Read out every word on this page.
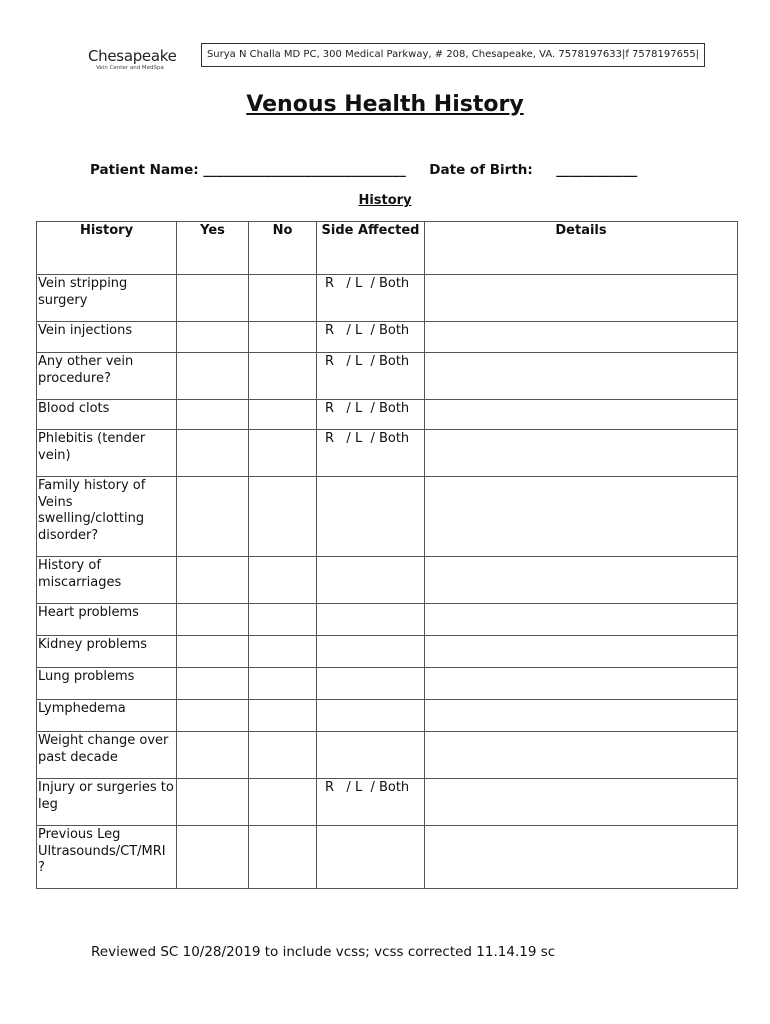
Chesapeake
Vein Center and MedSpa
Surya N Challa MD PC, 300 Medical Parkway, # 208, Chesapeake, VA. 7578197633|f 7578197655|
Venous Health History
Patient Name: ______________________________ Date of Birth: ____________
History
History	Yes	No	Side Affected	Details
Vein stripping surgery			R   / L  / Both	
Vein injections			R   / L  / Both	
Any other vein procedure?			R   / L  / Both	
Blood clots			R   / L  / Both	
Phlebitis (tender vein)			R   / L  / Both	
Family history of Veins swelling/clotting disorder?				
History of miscarriages				
Heart problems				
Kidney problems				
Lung problems				
Lymphedema				
Weight change over past decade				
Injury or surgeries to leg			R   / L  / Both	
Previous Leg Ultrasounds/CT/MRI ?				
Reviewed SC 10/28/2019 to include vcss; vcss corrected 11.14.19 sc
